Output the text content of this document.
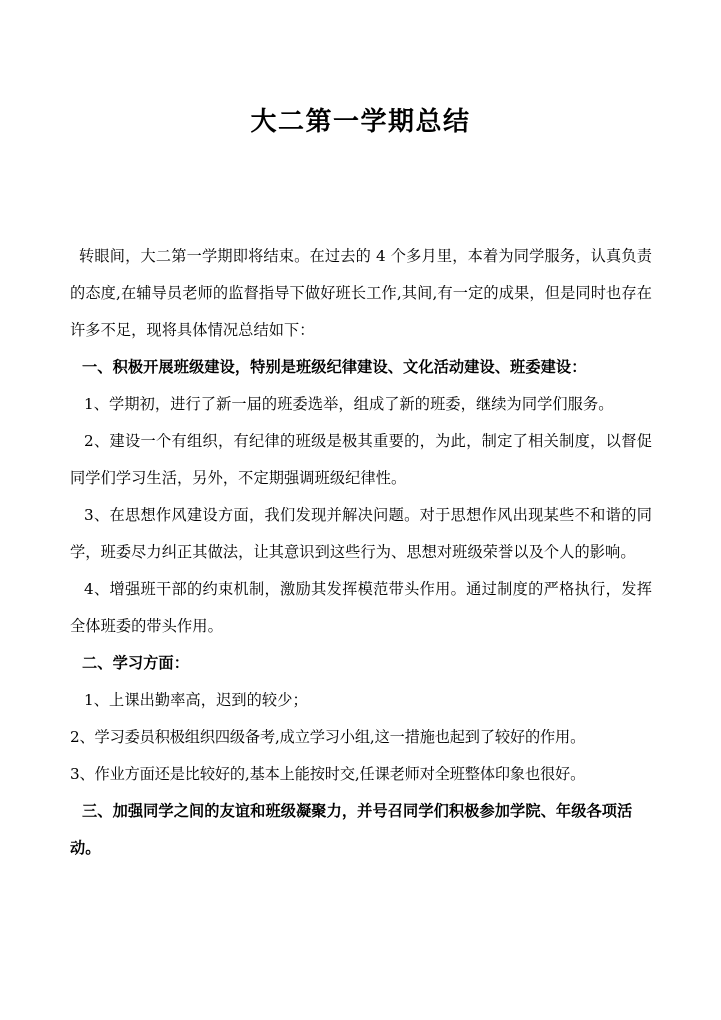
大二第一学期总结

转眼间，大二第一学期即将结束。在过去的 4 个多月里，本着为同学服务，认真负责的态度,在辅导员老师的监督指导下做好班长工作,其间,有一定的成果，但是同时也存在许多不足，现将具体情况总结如下：

一、积极开展班级建设，特别是班级纪律建设、文化活动建设、班委建设：

1、学期初，进行了新一届的班委选举，组成了新的班委，继续为同学们服务。

2、建设一个有组织，有纪律的班级是极其重要的，为此，制定了相关制度，以督促同学们学习生活，另外，不定期强调班级纪律性。

3、在思想作风建设方面，我们发现并解决问题。对于思想作风出现某些不和谐的同学，班委尽力纠正其做法，让其意识到这些行为、思想对班级荣誉以及个人的影响。

4、增强班干部的约束机制，激励其发挥模范带头作用。通过制度的严格执行，发挥全体班委的带头作用。

二、学习方面：

1、上课出勤率高，迟到的较少；

2、学习委员积极组织四级备考,成立学习小组,这一措施也起到了较好的作用。

3、作业方面还是比较好的,基本上能按时交,任课老师对全班整体印象也很好。

三、加强同学之间的友谊和班级凝聚力，并号召同学们积极参加学院、年级各项活动。
